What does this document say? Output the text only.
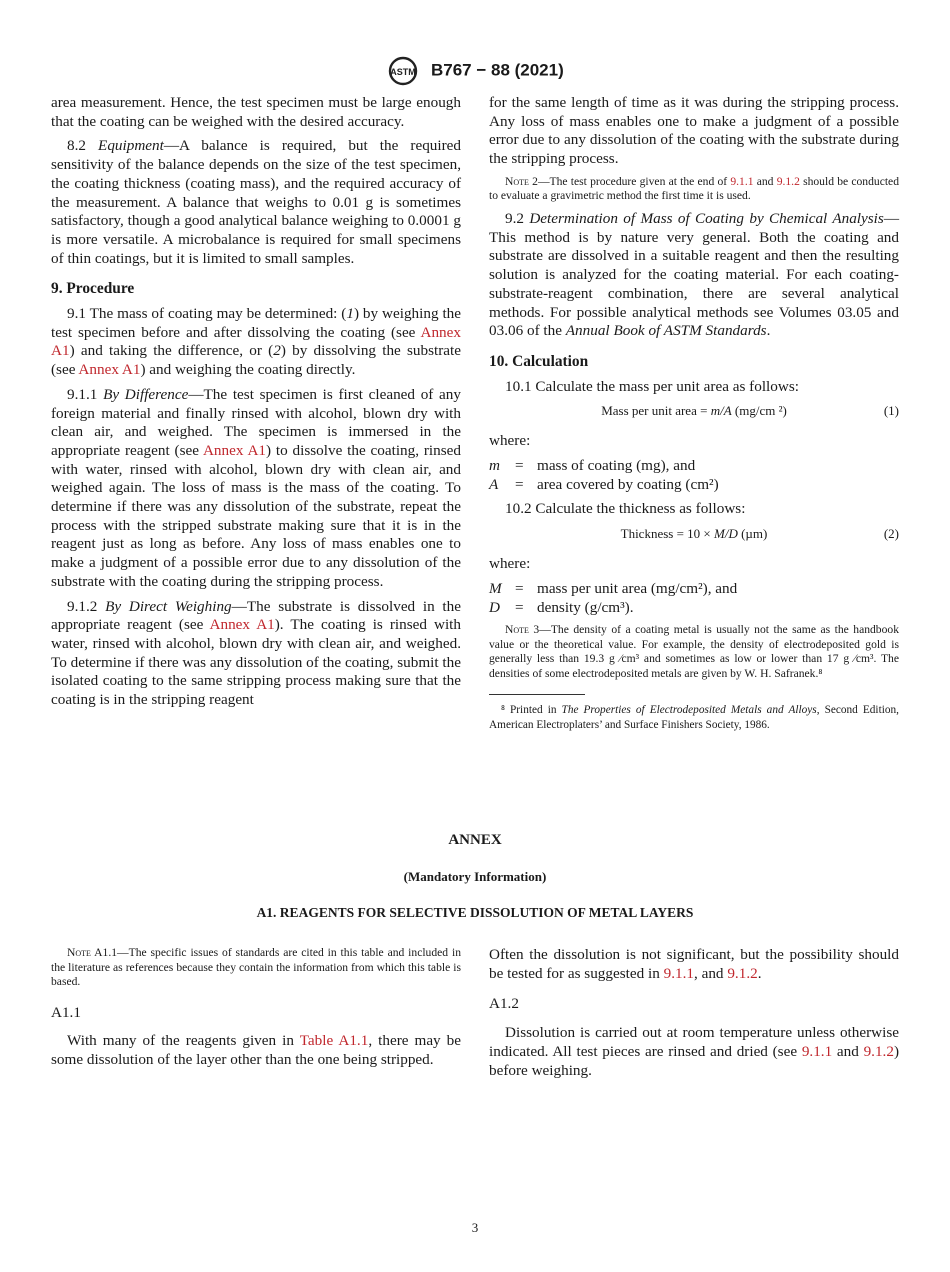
ASTM B767 − 88 (2021)

area measurement. Hence, the test specimen must be large enough that the coating can be weighed with the desired accuracy.

8.2 Equipment—A balance is required, but the required sensitivity of the balance depends on the size of the test specimen, the coating thickness (coating mass), and the required accuracy of the measurement. A balance that weighs to 0.01 g is sometimes satisfactory, though a good analytical balance weighing to 0.0001 g is more versatile. A microbalance is required for small specimens of thin coatings, but it is limited to small samples.

9. Procedure

9.1 The mass of coating may be determined: (1) by weighing the test specimen before and after dissolving the coating (see Annex A1) and taking the difference, or (2) by dissolving the substrate (see Annex A1) and weighing the coating directly.

9.1.1 By Difference—The test specimen is first cleaned of any foreign material and finally rinsed with alcohol, blown dry with clean air, and weighed. The specimen is immersed in the appropriate reagent (see Annex A1) to dissolve the coating, rinsed with water, rinsed with alcohol, blown dry with clean air, and weighed again. The loss of mass is the mass of the coating. To determine if there was any dissolution of the substrate, repeat the process with the stripped substrate making sure that it is in the reagent just as long as before. Any loss of mass enables one to make a judgment of a possible error due to any dissolution of the substrate with the coating during the stripping process.

9.1.2 By Direct Weighing—The substrate is dissolved in the appropriate reagent (see Annex A1). The coating is rinsed with water, rinsed with alcohol, blown dry with clean air, and weighed. To determine if there was any dissolution of the coating, submit the isolated coating to the same stripping process making sure that the coating is in the stripping reagent

for the same length of time as it was during the stripping process. Any loss of mass enables one to make a judgment of a possible error due to any dissolution of the coating with the substrate during the stripping process.

Note 2—The test procedure given at the end of 9.1.1 and 9.1.2 should be conducted to evaluate a gravimetric method the first time it is used.

9.2 Determination of Mass of Coating by Chemical Analysis—This method is by nature very general. Both the coating and substrate are dissolved in a suitable reagent and then the resulting solution is analyzed for the coating material. For each coating-substrate-reagent combination, there are several analytical methods. For possible analytical methods see Volumes 03.05 and 03.06 of the Annual Book of ASTM Standards.

10. Calculation

10.1 Calculate the mass per unit area as follows:

Mass per unit area = m/A (mg/cm ²)	(1)

where:

m = mass of coating (mg), and
A	= area covered by coating (cm²)

10.2 Calculate the thickness as follows:

Thickness = 10 × M/D (µm)	(2)

where:

M = mass per unit area (mg/cm²), and
D = density (g/cm³).
Note 3—The density of a coating metal is usually not the same as the handbook value or the theoretical value. For example, the density of electrodeposited gold is generally less than 19.3 g ⁄cm³ and sometimes as low or lower than 17 g ⁄cm³. The densities of some electrodeposited metals are given by W. H. Safranek.⁸
⁸ Printed in The Properties of Electrodeposited Metals and Alloys, Second Edition, American Electroplaters’ and Surface Finishers Society, 1986.
ANNEX
(Mandatory Information)
A1. REAGENTS FOR SELECTIVE DISSOLUTION OF METAL LAYERS
Note A1.1—The specific issues of standards are cited in this table and included in the literature as references because they contain the information from which this table is based.

A1.1

With many of the reagents given in Table A1.1, there may be some dissolution of the layer other than the one being stripped.

Often the dissolution is not significant, but the possibility should be tested for as suggested in 9.1.1, and 9.1.2.

A1.2

Dissolution is carried out at room temperature unless otherwise indicated. All test pieces are rinsed and dried (see 9.1.1 and 9.1.2) before weighing.

3
